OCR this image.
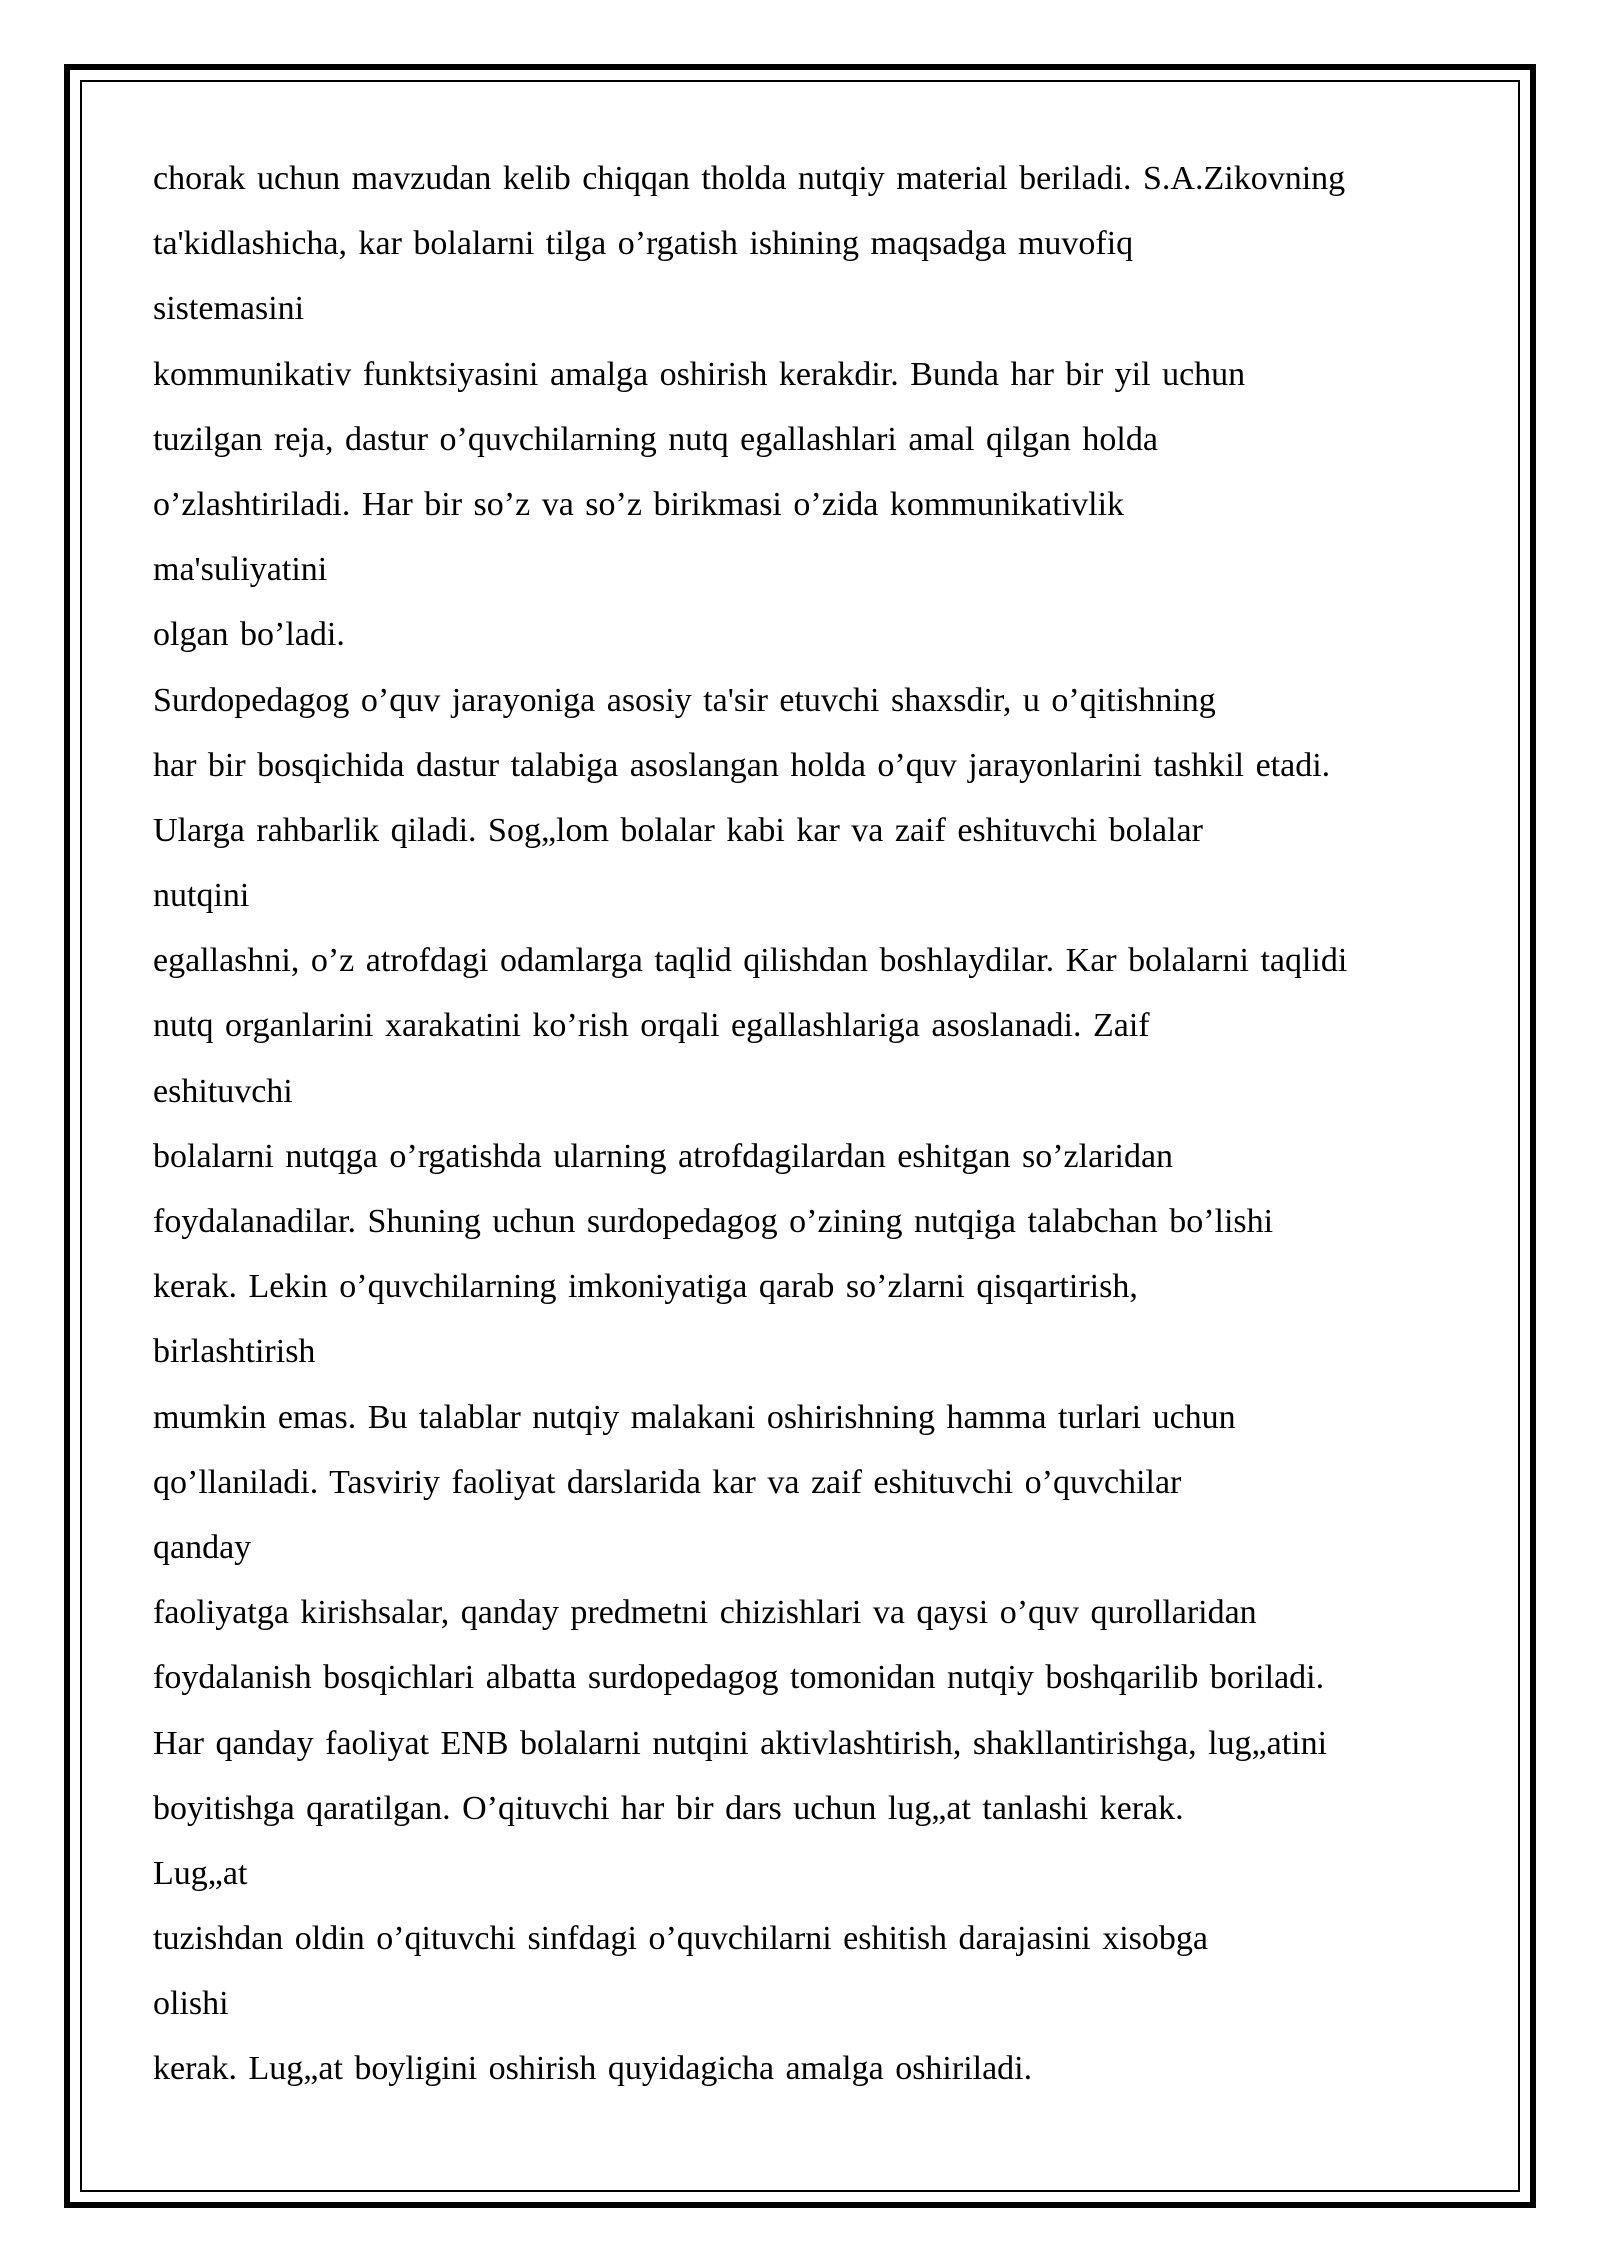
chorak uchun mavzudan kelib chiqqan tholda nutqiy material beriladi. S.A.Zikovning
ta'kidlashicha, kar bolalarni tilga o’rgatish ishining maqsadga muvofiq
sistemasini
kommunikativ funktsiyasini amalga oshirish kerakdir. Bunda har bir yil uchun
tuzilgan reja, dastur o’quvchilarning nutq egallashlari amal qilgan holda
o’zlashtiriladi. Har bir so’z va so’z birikmasi o’zida kommunikativlik
ma'suliyatini
olgan bo’ladi.
Surdopedagog o’quv jarayoniga asosiy ta'sir etuvchi shaxsdir, u o’qitishning
har bir bosqichida dastur talabiga asoslangan holda o’quv jarayonlarini tashkil etadi.
Ularga rahbarlik qiladi. Sog„lom bolalar kabi kar va zaif eshituvchi bolalar
nutqini
egallashni, o’z atrofdagi odamlarga taqlid qilishdan boshlaydilar. Kar bolalarni taqlidi
nutq organlarini xarakatini ko’rish orqali egallashlariga asoslanadi. Zaif
eshituvchi
bolalarni nutqga o’rgatishda ularning atrofdagilardan eshitgan so’zlaridan
foydalanadilar. Shuning uchun surdopedagog o’zining nutqiga talabchan bo’lishi
kerak. Lekin o’quvchilarning imkoniyatiga qarab so’zlarni qisqartirish,
birlashtirish
mumkin emas. Bu talablar nutqiy malakani oshirishning hamma turlari uchun
qo’llaniladi. Tasviriy faoliyat darslarida kar va zaif eshituvchi o’quvchilar
qanday
faoliyatga kirishsalar, qanday predmetni chizishlari va qaysi o’quv qurollaridan
foydalanish bosqichlari albatta surdopedagog tomonidan nutqiy boshqarilib boriladi.
Har qanday faoliyat ENB bolalarni nutqini aktivlashtirish, shakllantirishga, lug„atini
boyitishga qaratilgan. O’qituvchi har bir dars uchun lug„at tanlashi kerak.
Lug„at
tuzishdan oldin o’qituvchi sinfdagi o’quvchilarni eshitish darajasini xisobga
olishi
kerak. Lug„at boyligini oshirish quyidagicha amalga oshiriladi.
